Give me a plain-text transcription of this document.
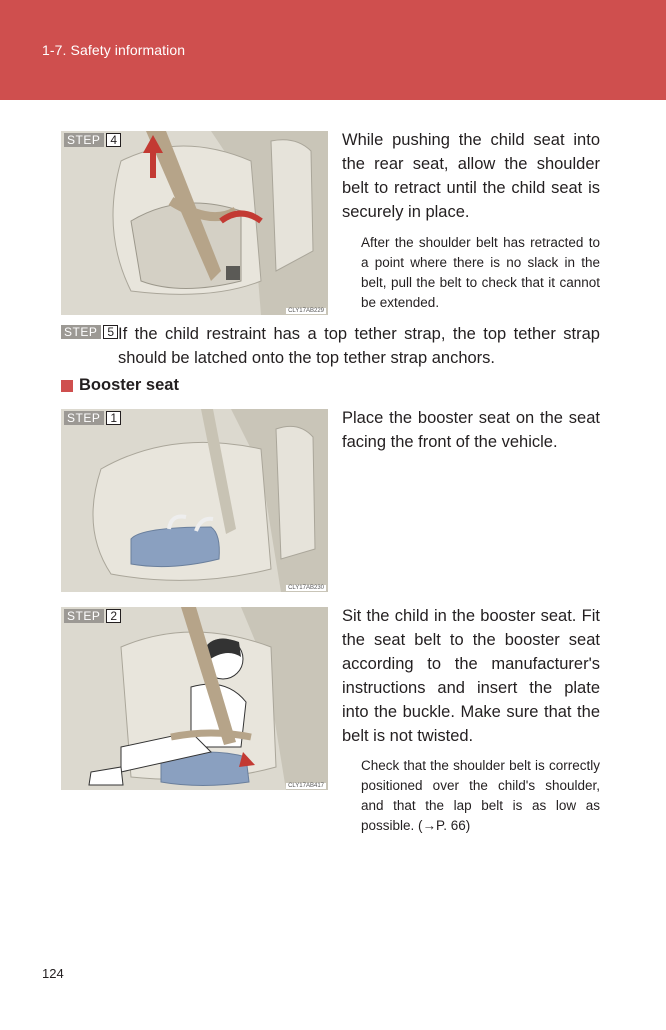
1-7. Safety information
STEP 4
CLY17AB229
While pushing the child seat into the rear seat, allow the shoulder belt to retract until the child seat is securely in place.
After the shoulder belt has retracted to a point where there is no slack in the belt, pull the belt to check that it cannot be extended.
STEP 5 If the child restraint has a top tether strap, the top tether strap should be latched onto the top tether strap anchors.
Booster seat
STEP 1
CLY17AB230
Place the booster seat on the seat facing the front of the vehicle.
STEP 2
CLY17AB417
Sit the child in the booster seat. Fit the seat belt to the booster seat according to the manufacturer's instructions and insert the plate into the buckle. Make sure that the belt is not twisted.
Check that the shoulder belt is correctly positioned over the child's shoulder, and that the lap belt is as low as possible. (→P. 66)
124
